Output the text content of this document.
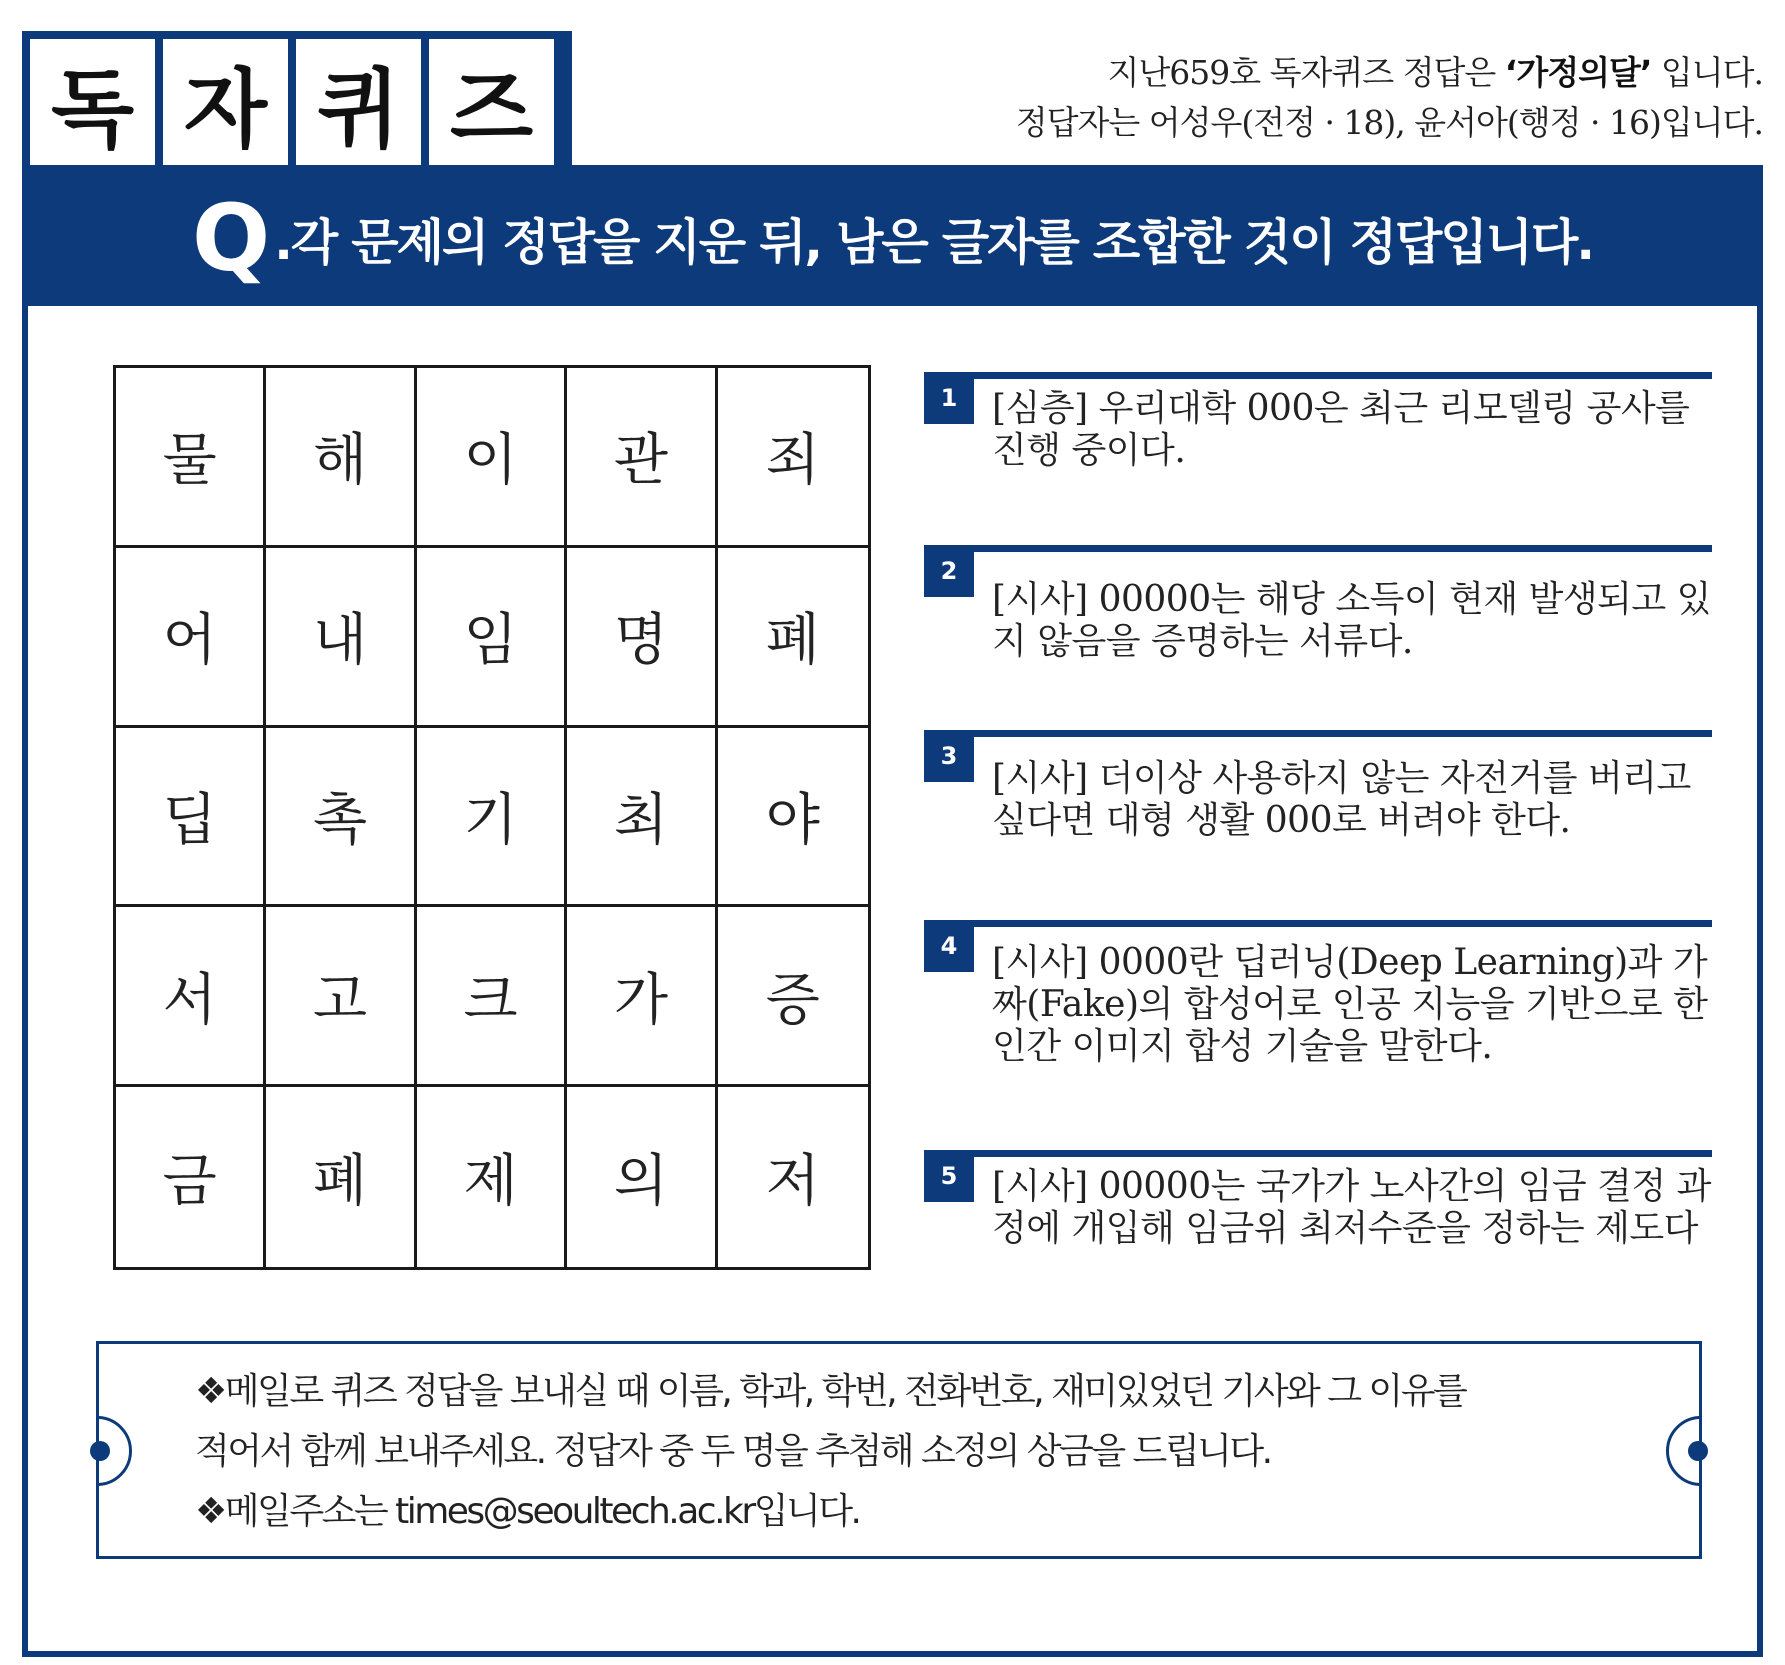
독 자 퀴 즈	지난659호 독자퀴즈 정답은 ‘가정의달’ 입니다.
정답자는 어성우(전정 · 18), 윤서아(행정 · 16)입니다.
Q .각 문제의 정답을 지운 뒤, 남은 글자를 조합한 것이 정답입니다.
물	해	이	관	죄
어	내	임	명	폐
딥	촉	기	최	야
서	고	크	가	증
금	폐	제	의	저
1 [심층] 우리대학 000은 최근 리모델링 공사를 진행 중이다.
2
[시사] 00000는 해당 소득이 현재 발생되고 있지 않음을 증명하는 서류다.
3
[시사] 더이상 사용하지 않는 자전거를 버리고 싶다면 대형 생활 000로 버려야 한다.
4 [시사] 0000란 딥러닝(Deep Learning)과 가짜(Fake)의 합성어로 인공 지능을 기반으로 한 인간 이미지 합성 기술을 말한다.
5 [시사] 00000는 국가가 노사간의 임금 결정 과정에 개입해 임금위 최저수준을 정하는 제도다
❖메일로 퀴즈 정답을 보내실 때 이름, 학과, 학번, 전화번호, 재미있었던 기사와 그 이유를
적어서 함께 보내주세요. 정답자 중 두 명을 추첨해 소정의 상금을 드립니다.
❖메일주소는 times@seoultech.ac.kr입니다.
